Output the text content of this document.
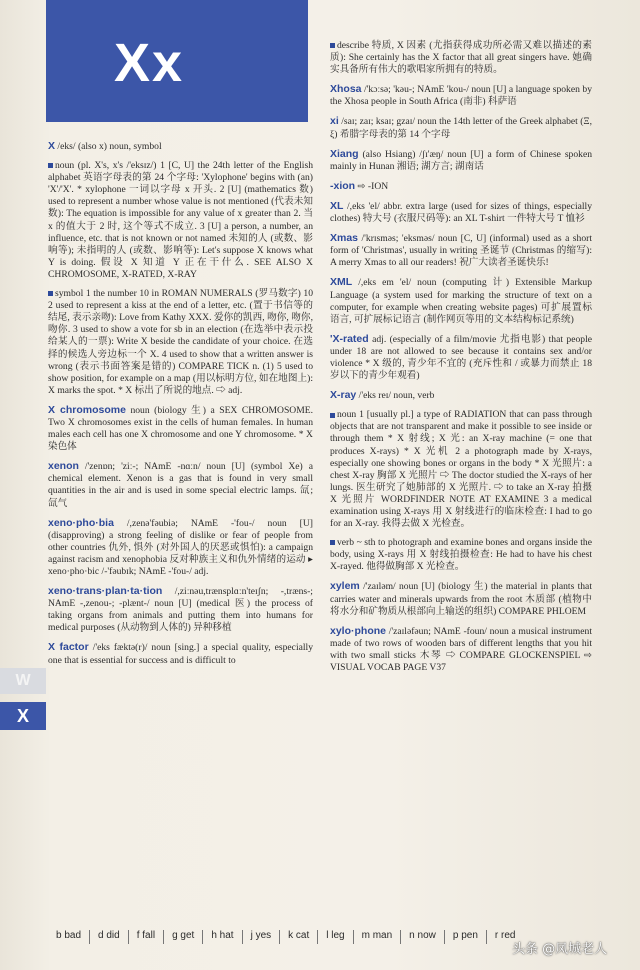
Xx
W
X

X /eks/ (also x) noun, symbol

noun (pl. X's, x's /'eksɪz/) 1 [C, U] the 24th letter of the English alphabet 英语字母表的第 24 个字母: 'Xylophone' begins with (an) 'X'/'X'. * xylophone 一词以字母 x 开头. 2 [U] (mathematics 数) used to represent a number whose value is not mentioned (代表未知数): The equation is impossible for any value of x greater than 2. 当 x 的值大于 2 时, 这个等式不成立. 3 [U] a person, a number, an influence, etc. that is not known or not named 未知的人 (或数、影响等); 未指明的人 (或数、影响等): Let's suppose X knows what Y is doing. 假设 X 知道 Y 正在干什么. SEE ALSO X CHROMOSOME, X-RATED, X-RAY

symbol 1 the number 10 in ROMAN NUMERALS (罗马数字) 10 2 used to represent a kiss at the end of a letter, etc. (置于书信等的结尾, 表示亲吻): Love from Kathy XXX. 爱你的凯西, 吻你, 吻你, 吻你. 3 used to show a vote for sb in an election (在选举中表示投给某人的一票): Write X beside the candidate of your choice. 在选择的候选人旁边标一个 X. 4 used to show that a written answer is wrong (表示书面答案是错的) COMPARE TICK n. (1) 5 used to show position, for example on a map (用以标明方位, 如在地图上): X marks the spot. * X 标出了所说的地点. ⇨ adj.

X chromosome noun (biology 生) a SEX CHROMOSOME. Two X chromosomes exist in the cells of human females. In human males each cell has one X chromosome and one Y chromosome. * X 染色体

xenon /'zenɒn; 'ziː-; NAmE -nɑːn/ noun [U] (symbol Xe) a chemical element. Xenon is a gas that is found in very small quantities in the air and is used in some special electric lamps. 氙; 氙气

xeno·pho·bia /,zenə'fəubiə; NAmE -'fou-/ noun [U] (disapproving) a strong feeling of dislike or fear of people from other countries 仇外, 惧外 (对外国人的厌恶或惧怕): a campaign against racism and xenophobia 反对种族主义和仇外情绪的运动 ▸ xeno·pho·bic /-'fəubɪk; NAmE -'fou-/ adj.

xeno·trans·plan·ta·tion /,ziːnəu,trænsplɑːn'teɪʃn; -,træns-; NAmE -,zenou-; -plænt-/ noun [U] (medical 医) the process of taking organs from animals and putting them into humans for medical purposes (从动物到人体的) 异种移植

X factor /'eks fæktə(r)/ noun [sing.] a special quality, especially one that is essential for success and is difficult to

describe 特质, X 因素 (尤指获得成功所必需又难以描述的素质): She certainly has the X factor that all great singers have. 她确实具备所有伟大的歌唱家所拥有的特质。

Xhosa /'kɔːsə; 'kəu-; NAmE 'kou-/ noun [U] a language spoken by the Xhosa people in South Africa (南非) 科萨语

xi /saɪ; zaɪ; ksaɪ; gzaɪ/ noun the 14th letter of the Greek alphabet (Ξ, ξ) 希腊字母表的第 14 个字母

Xiang (also Hsiang) /ʃɪ'æŋ/ noun [U] a form of Chinese spoken mainly in Hunan 湘语; 湖方言; 湖南话

-xion ⇨ -ION

XL /,eks 'el/ abbr. extra large (used for sizes of things, especially clothes) 特大号 (衣服尺码等): an XL T-shirt 一件特大号 T 恤衫

Xmas /'krɪsməs; 'eksməs/ noun [C, U] (informal) used as a short form of 'Christmas', usually in writing 圣诞节 (Christmas 的缩写): A merry Xmas to all our readers! 祝广大读者圣诞快乐!

XML /,eks em 'el/ noun (computing 计) Extensible Markup Language (a system used for marking the structure of text on a computer, for example when creating website pages) 可扩展置标语言, 可扩展标记语言 (制作网页等用的文本结构标记系统)

'X-rated adj. (especially of a film/movie 尤指电影) that people under 18 are not allowed to see because it contains sex and/or violence * X 级的, 青少年不宜的 (充斥性和 / 或暴力而禁止 18 岁以下的青少年观看)

X-ray /'eks reɪ/ noun, verb

noun 1 [usually pl.] a type of RADIATION that can pass through objects that are not transparent and make it possible to see inside or through them * X 射线; X 光: an X-ray machine (= one that produces X-rays) * X 光机 2 a photograph made by X-rays, especially one showing bones or organs in the body * X 光照片: a chest X-ray 胸部 X 光照片 ⇨ The doctor studied the X-rays of her lungs. 医生研究了她肺部的 X 光照片. ⇨ to take an X-ray 拍摄 X 光照片 WORDFINDER NOTE AT EXAMINE 3 a medical examination using X-rays 用 X 射线进行的临床检查: I had to go for an X-ray. 我得去做 X 光检查。

verb ~ sth to photograph and examine bones and organs inside the body, using X-rays 用 X 射线拍摄检查: He had to have his chest X-rayed. 他得做胸部 X 光检查。

xylem /'zaɪləm/ noun [U] (biology 生) the material in plants that carries water and minerals upwards from the root 木质部 (植物中将水分和矿物质从根部向上输送的组织) COMPARE PHLOEM

xylo·phone /'zaɪləfəun; NAmE -foun/ noun a musical instrument made of two rows of wooden bars of different lengths that you hit with two small sticks 木琴 ⇨ COMPARE GLOCKENSPIEL ⇨ VISUAL VOCAB PAGE V37

b bad	d did	f fall	g get	h hat	j yes	k cat	l leg	m man	n now	p pen	r red
头条 @凤城老人
